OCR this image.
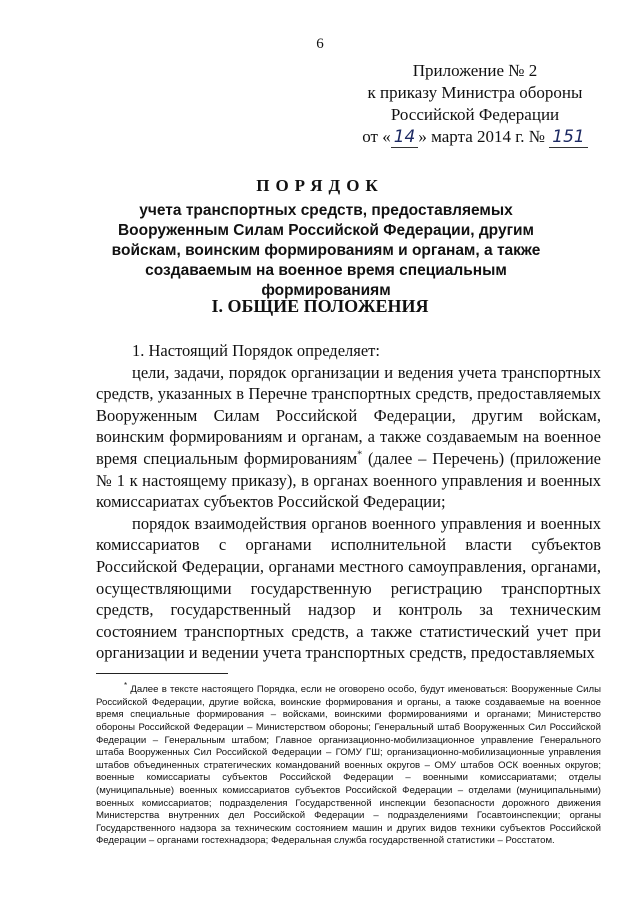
6
Приложение № 2
к приказу Министра обороны
Российской Федерации
от « 14 » марта 2014 г. № 151
ПОРЯДОК
учета транспортных средств, предоставляемых Вооруженным Силам Российской Федерации, другим войскам, воинским формированиям и органам, а также создаваемым на военное время специальным формированиям
I. ОБЩИЕ ПОЛОЖЕНИЯ

1. Настоящий Порядок определяет:

цели, задачи, порядок организации и ведения учета транспортных средств, указанных в Перечне транспортных средств, предоставляемых Вооруженным Силам Российской Федерации, другим войскам, воинским формированиям и органам, а также создаваемым на военное время специальным формированиям* (далее – Перечень) (приложение № 1 к настоящему приказу), в органах военного управления и военных комиссариатах субъектов Российской Федерации;

порядок взаимодействия органов военного управления и военных комиссариатов с органами исполнительной власти субъектов Российской Федерации, органами местного самоуправления, органами, осуществляющими государственную регистрацию транспортных средств, государственный надзор и контроль за техническим состоянием транспортных средств, а также статистический учет при организации и ведении учета транспортных средств, предоставляемых

* Далее в тексте настоящего Порядка, если не оговорено особо, будут именоваться: Вооруженные Силы Российской Федерации, другие войска, воинские формирования и органы, а также создаваемые на военное время специальные формирования – войсками, воинскими формированиями и органами; Министерство обороны Российской Федерации – Министерством обороны; Генеральный штаб Вооруженных Сил Российской Федерации – Генеральным штабом; Главное организационно-мобилизационное управление Генерального штаба Вооруженных Сил Российской Федерации – ГОМУ ГШ; организационно-мобилизационные управления штабов объединенных стратегических командований военных округов – ОМУ штабов ОСК военных округов; военные комиссариаты субъектов Российской Федерации – военными комиссариатами; отделы (муниципальные) военных комиссариатов субъектов Российской Федерации – отделами (муниципальными) военных комиссариатов; подразделения Государственной инспекции безопасности дорожного движения Министерства внутренних дел Российской Федерации – подразделениями Госавтоинспекции; органы Государственного надзора за техническим состоянием машин и других видов техники субъектов Российской Федерации – органами гостехнадзора; Федеральная служба государственной статистики – Росстатом.
